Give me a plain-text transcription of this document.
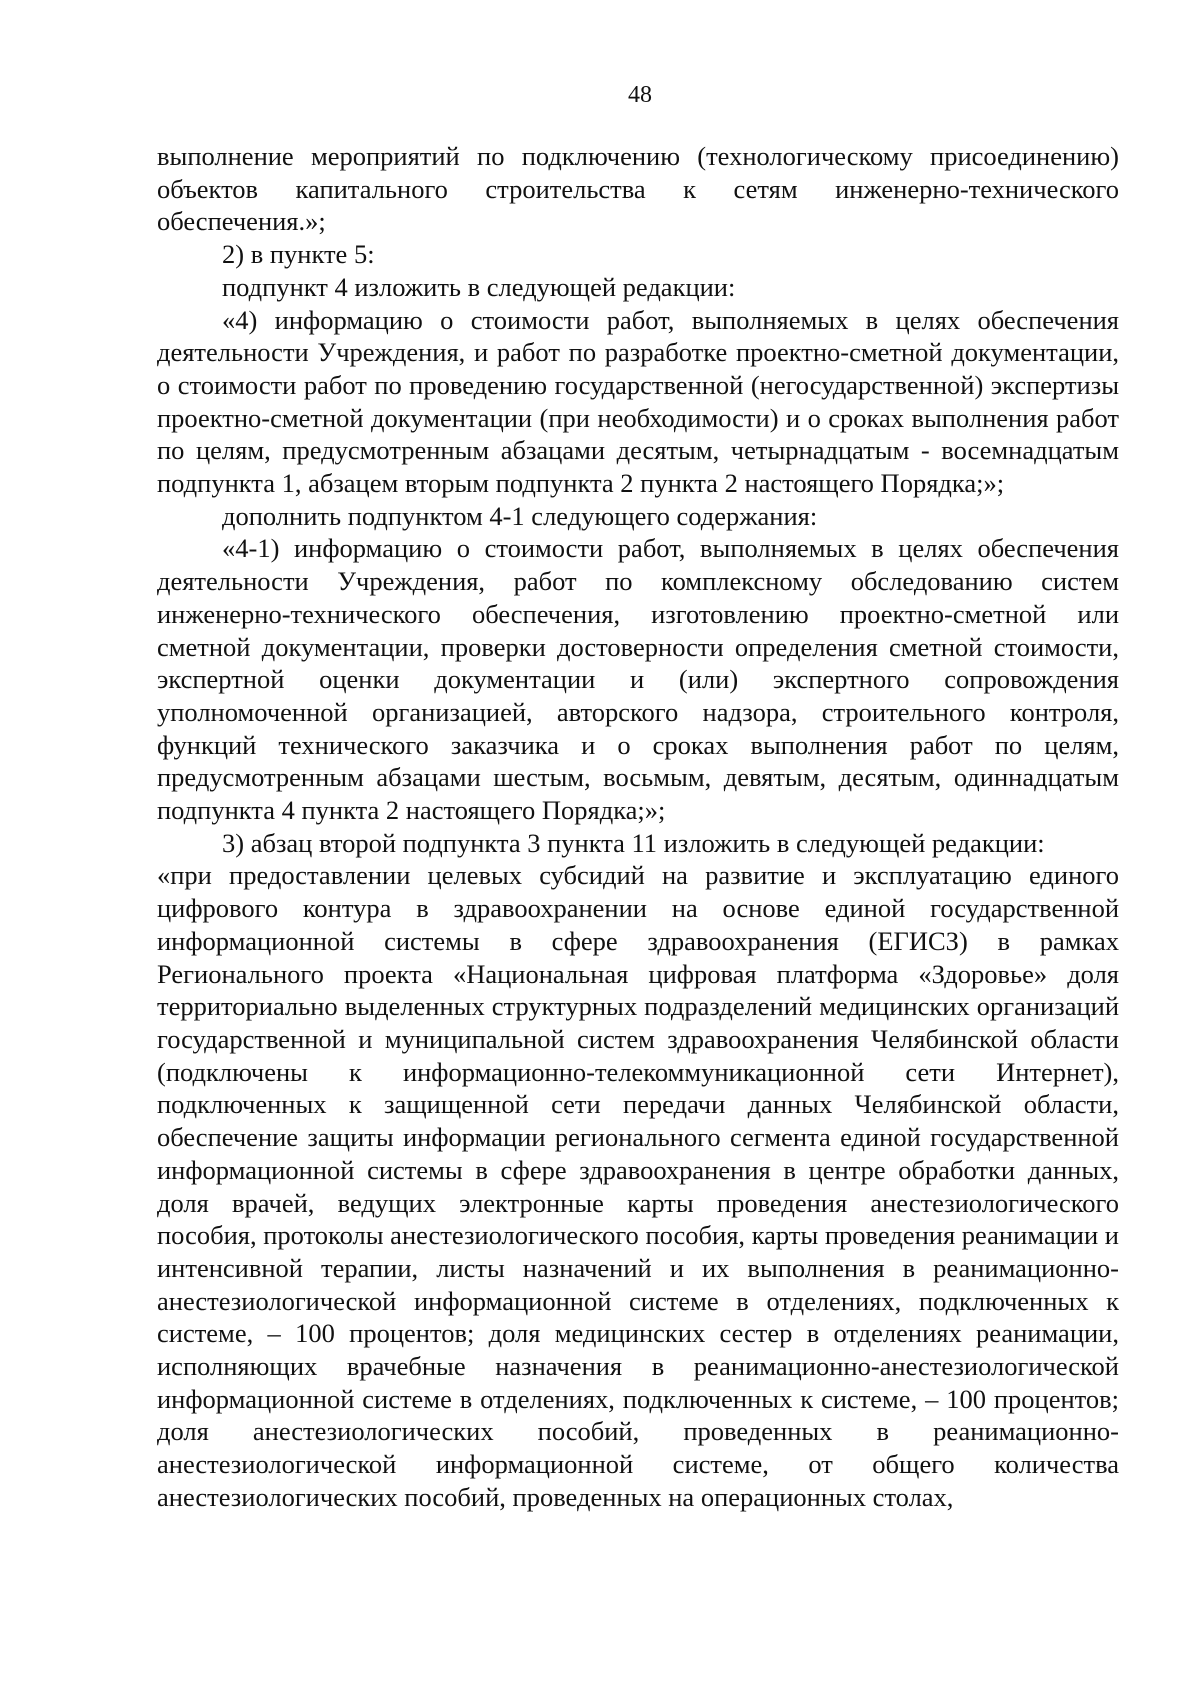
48

выполнение мероприятий по подключению (технологическому присоединению) объектов капитального строительства к сетям инженерно-технического обеспечения.»;

2) в пункте 5:

подпункт 4 изложить в следующей редакции:

«4) информацию о стоимости работ, выполняемых в целях обеспечения деятельности Учреждения, и работ по разработке проектно-сметной документации, о стоимости работ по проведению государственной (негосударственной) экспертизы проектно-сметной документации (при необходимости) и о сроках выполнения работ по целям, предусмотренным абзацами десятым, четырнадцатым - восемнадцатым подпункта 1, абзацем вторым подпункта 2 пункта 2 настоящего Порядка;»;

дополнить подпунктом 4-1 следующего содержания:

«4-1) информацию о стоимости работ, выполняемых в целях обеспечения деятельности Учреждения, работ по комплексному обследованию систем инженерно-технического обеспечения, изготовлению проектно-сметной или сметной документации, проверки достоверности определения сметной стоимости, экспертной оценки документации и (или) экспертного сопровождения уполномоченной организацией, авторского надзора, строительного контроля, функций технического заказчика и о сроках выполнения работ по целям, предусмотренным абзацами шестым, восьмым, девятым, десятым, одиннадцатым подпункта 4 пункта 2 настоящего Порядка;»;

3) абзац второй подпункта 3 пункта 11 изложить в следующей редакции:

«при предоставлении целевых субсидий на развитие и эксплуатацию единого цифрового контура в здравоохранении на основе единой государственной информационной системы в сфере здравоохранения (ЕГИСЗ) в рамках Регионального проекта «Национальная цифровая платформа «Здоровье» доля территориально выделенных структурных подразделений медицинских организаций государственной и муниципальной систем здравоохранения Челябинской области (подключены к информационно-телекоммуникационной сети Интернет), подключенных к защищенной сети передачи данных Челябинской области, обеспечение защиты информации регионального сегмента единой государственной информационной системы в сфере здравоохранения в центре обработки данных, доля врачей, ведущих электронные карты проведения анестезиологического пособия, протоколы анестезиологического пособия, карты проведения реанимации и интенсивной терапии, листы назначений и их выполнения в реанимационно-анестезиологической информационной системе в отделениях, подключенных к системе, – 100 процентов; доля медицинских сестер в отделениях реанимации, исполняющих врачебные назначения в реанимационно-анестезиологической информационной системе в отделениях, подключенных к системе, – 100 процентов; доля анестезиологических пособий, проведенных в реанимационно-анестезиологической информационной системе, от общего количества анестезиологических пособий, проведенных на операционных столах,
